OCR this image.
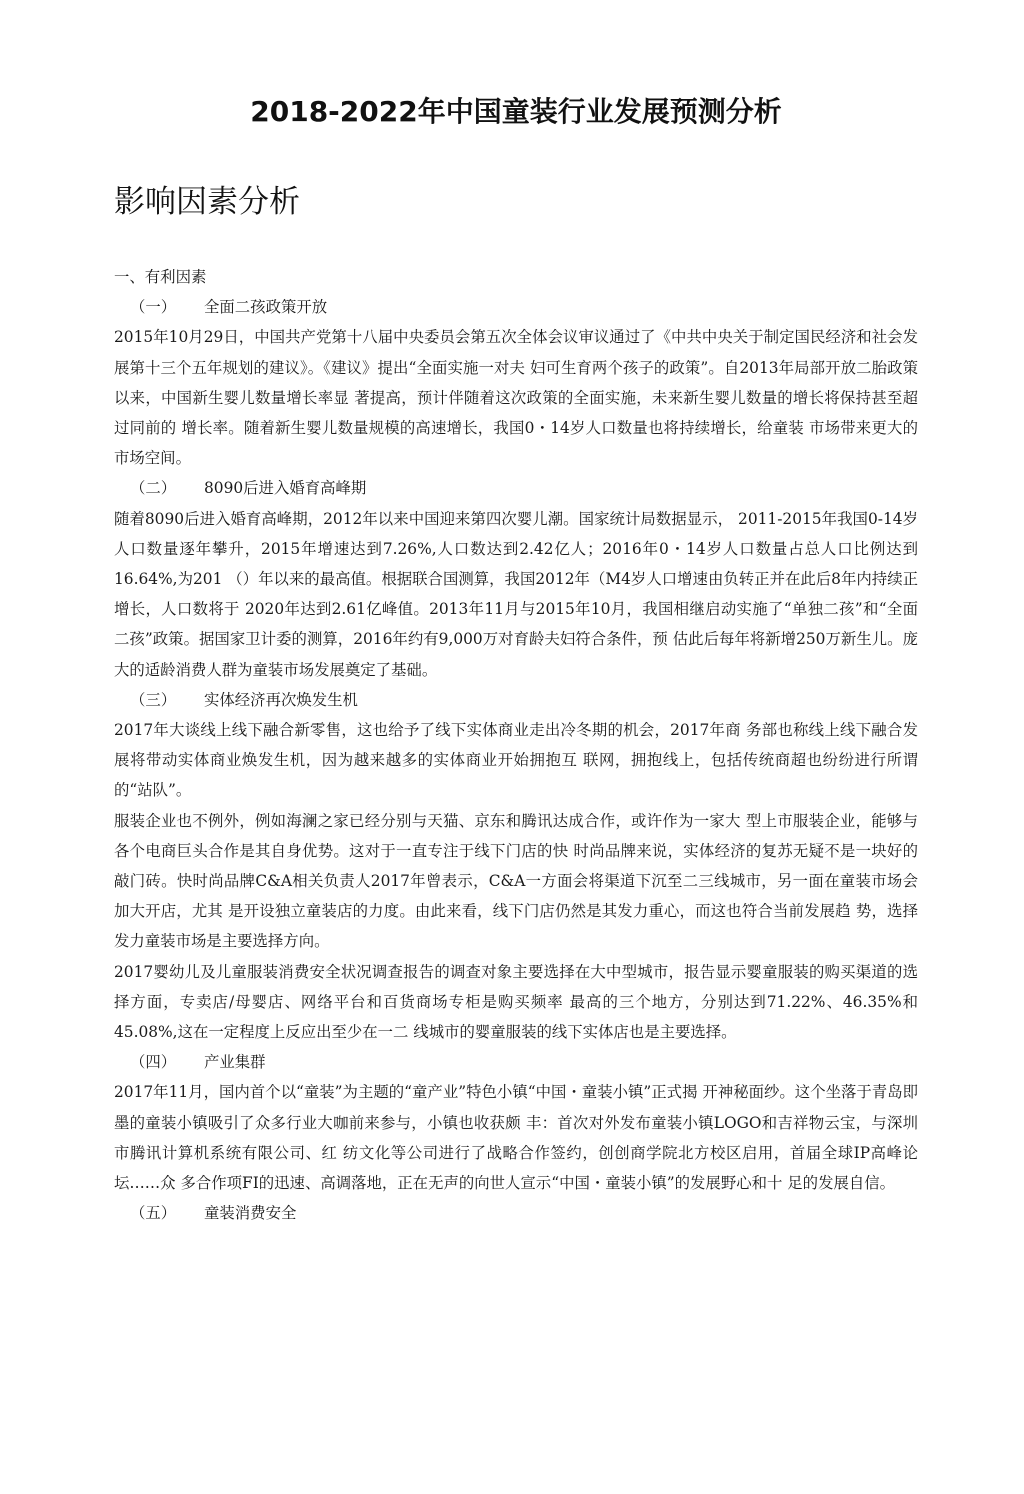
2018-2022年中国童装行业发展预测分析
影响因素分析

一、有利因素

（一） 全面二孩政策开放

2015年10月29日，中国共产党第十八届中央委员会第五次全体会议审议通过了《中共中央关于制定国民经济和社会发展第十三个五年规划的建议》。《建议》提出“全面实施一对夫 妇可生育两个孩子的政策”。自2013年局部开放二胎政策以来，中国新生婴儿数量增长率显 著提高，预计伴随着这次政策的全面实施，未来新生婴儿数量的增长将保持甚至超过同前的 增长率。随着新生婴儿数量规模的高速增长，我国0・14岁人口数量也将持续增长，给童装 市场带来更大的市场空间。

（二） 8090后进入婚育高峰期

随着8090后进入婚育高峰期，2012年以来中国迎来第四次婴儿潮。国家统计局数据显示， 2011-2015年我国0-14岁人口数量逐年攀升，2015年增速达到7.26%,人口数达到2.42亿人；2016年0・14岁人口数量占总人口比例达到16.64%,为201 （）年以来的最高值。根据联合国测算，我国2012年（M4岁人口增速由负转正并在此后8年内持续正增长，人口数将于 2020年达到2.61亿峰值。2013年11月与2015年10月，我国相继启动实施了“单独二孩”和“全面二孩”政策。据国家卫计委的测算，2016年约有9,000万对育龄夫妇符合条件，预 估此后每年将新增250万新生儿。庞大的适龄消费人群为童装市场发展奠定了基础。

（三） 实体经济再次焕发生机

2017年大谈线上线下融合新零售，这也给予了线下实体商业走出冷冬期的机会，2017年商 务部也称线上线下融合发展将带动实体商业焕发生机，因为越来越多的实体商业开始拥抱互 联网，拥抱线上，包括传统商超也纷纷进行所谓的“站队”。

服装企业也不例外，例如海澜之家已经分别与天猫、京东和腾讯达成合作，或许作为一家大 型上市服装企业，能够与各个电商巨头合作是其自身优势。这对于一直专注于线下门店的快 时尚品牌来说，实体经济的复苏无疑不是一块好的敲门砖。快时尚品牌C&A相关负责人2017年曾表示，C&A一方面会将渠道下沉至二三线城市，另一面在童装市场会加大开店，尤其 是开设独立童装店的力度。由此来看，线下门店仍然是其发力重心，而这也符合当前发展趋 势，选择发力童装市场是主要选择方向。

2017婴幼儿及儿童服装消费安全状况调查报告的调查对象主要选择在大中型城市，报告显示婴童服装的购买渠道的选择方面，专卖店/母婴店、网络平台和百货商场专柜是购买频率 最高的三个地方，分别达到71.22%、46.35%和45.08%,这在一定程度上反应出至少在一二 线城市的婴童服装的线下实体店也是主要选择。

（四） 产业集群

2017年11月，国内首个以“童装”为主题的“童产业”特色小镇“中国・童装小镇”正式揭 开神秘面纱。这个坐落于青岛即墨的童装小镇吸引了众多行业大咖前来参与，小镇也收获颇 丰：首次对外发布童装小镇LOGO和吉祥物云宝，与深圳市腾讯计算机系统有限公司、红 纺文化等公司进行了战略合作签约，创创商学院北方校区启用，首届全球IP高峰论坛……众 多合作项FI的迅速、高调落地，正在无声的向世人宣示“中国・童装小镇”的发展野心和十 足的发展自信。

（五） 童装消费安全
